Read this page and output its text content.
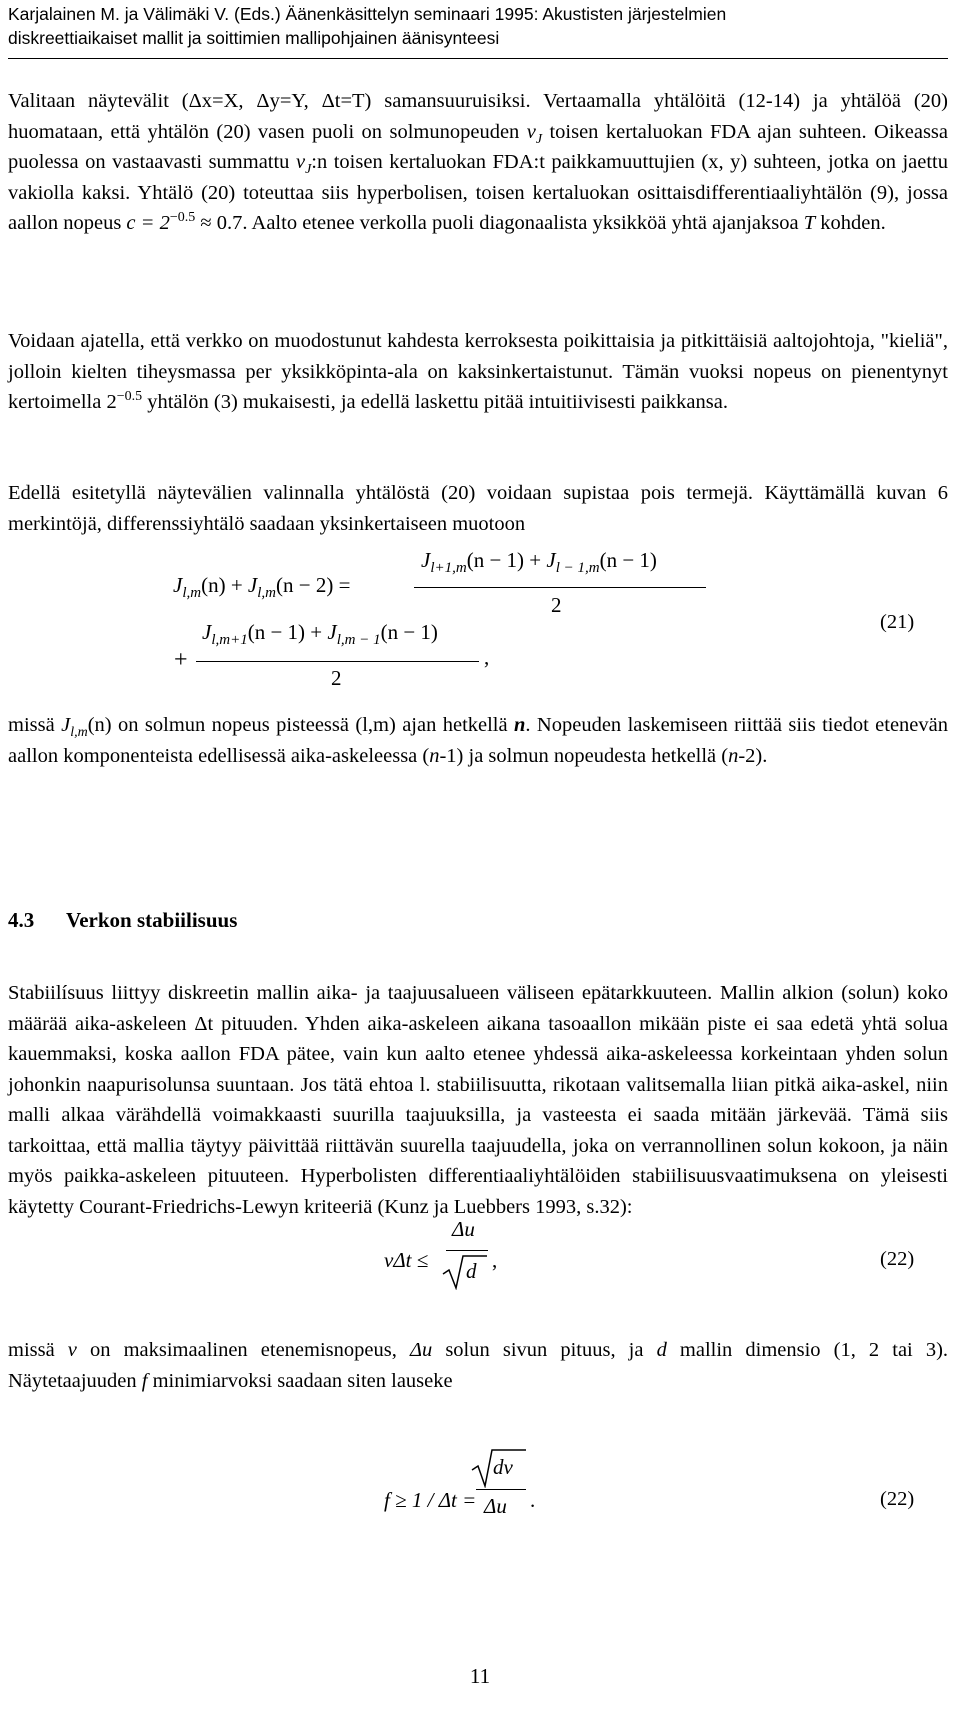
Karjalainen M. ja Välimäki V. (Eds.) Äänenkäsittelyn seminaari 1995: Akustisten järjestelmien
diskreettiaikaiset mallit ja soittimien mallipohjainen äänisynteesi

Valitaan näytevälit (Δx=X, Δy=Y, Δt=T) samansuuruisiksi. Vertaamalla yhtälöitä (12-14) ja yhtälöä (20) huomataan, että yhtälön (20) vasen puoli on solmunopeuden $v_J$ toisen kertaluokan FDA ajan suhteen. Oikeassa puolessa on vastaavasti summattu $v_J:n$ toisen kertaluokan FDA:t paikkamuuttujien (x, y) suhteen, jotka on jaettu vakiolla kaksi. Yhtälö (20) toteuttaa siis hyperbolisen, toisen kertaluokan osittaisdifferentiaaliyhtälön (9), jossa aallon nopeus $c = 2^{-0.5} \approx 0.7$. Aalto etenee verkolla puoli diagonaalista yksikköä yhtä ajanjaksoa T kohden.

Voidaan ajatella, että verkko on muodostunut kahdesta kerroksesta poikittaisia ja pitkittäisiä aaltojohtoja, "kieliä", jolloin kielten tiheysmassa per yksikköpinta-ala on kaksinkertaistunut. Tämän vuoksi nopeus on pienentynyt kertoimella $2^{-0.5}$ yhtälön (3) mukaisesti, ja edellä laskettu pitää intuitiivisesti paikkansa.

Edellä esitetyllä näytevälien valinnalla yhtälöstä (20) voidaan supistaa pois termejä. Käyttämällä kuvan 6 merkintöjä, differenssiyhtälö saadaan yksinkertaiseen muotoon

$J_{l+1,m}(n - 1) + J_{l - 1,m}(n - 1)$
2
$J_{l,m}(n) + J_{l,m}(n - 2)$ =
$J_{l,m+1}(n - 1) + J_{l,m - 1}(n - 1)$
+
2
,
(21)

missä $J_{l,m}(n)$ on solmun nopeus pisteessä (l,m) ajan hetkellä n. Nopeuden laskemiseen riittää siis tiedot etenevän aallon komponenteista edellisessä aika-askeleessa (n-1) ja solmun nopeudesta hetkellä (n-2).

4.3 Verkon stabiilisuus

Stabiilísuus liittyy diskreetin mallin aika- ja taajuusalueen väliseen epätarkkuuteen. Mallin alkion (solun) koko määrää aika-askeleen Δt pituuden. Yhden aika-askeleen aikana tasoaallon mikään piste ei saa edetä yhtä solua kauemmaksi, koska aallon FDA pätee, vain kun aalto etenee yhdessä aika-askeleessa korkeintaan yhden solun johonkin naapurisolunsa suuntaan. Jos tätä ehtoa l. stabiilisuutta, rikotaan valitsemalla liian pitkä aika-askel, niin malli alkaa värähdellä voimakkaasti suurilla taajuuksilla, ja vasteesta ei saada mitään järkevää. Tämä siis tarkoittaa, että mallia täytyy päivittää riittävän suurella taajuudella, joka on verrannollinen solun kokoon, ja näin myös paikka-askeleen pituuteen. Hyperbolisten differentiaaliyhtälöiden stabiilisuusvaatimuksena on yleisesti käytetty Courant-Friedrichs-Lewyn kriteeriä (Kunz ja Luebbers 1993, s.32):

vΔt ≤
Δu
d ,	(22)

missä v on maksimaalinen etenemisnopeus, Δu solun sivun pituus, ja d mallin dimensio (1, 2 tai 3). Näytetaajuuden f minimiarvoksi saadaan siten lauseke

f ≥ 1 / Δt =
dv
Δu .	(22)
11
